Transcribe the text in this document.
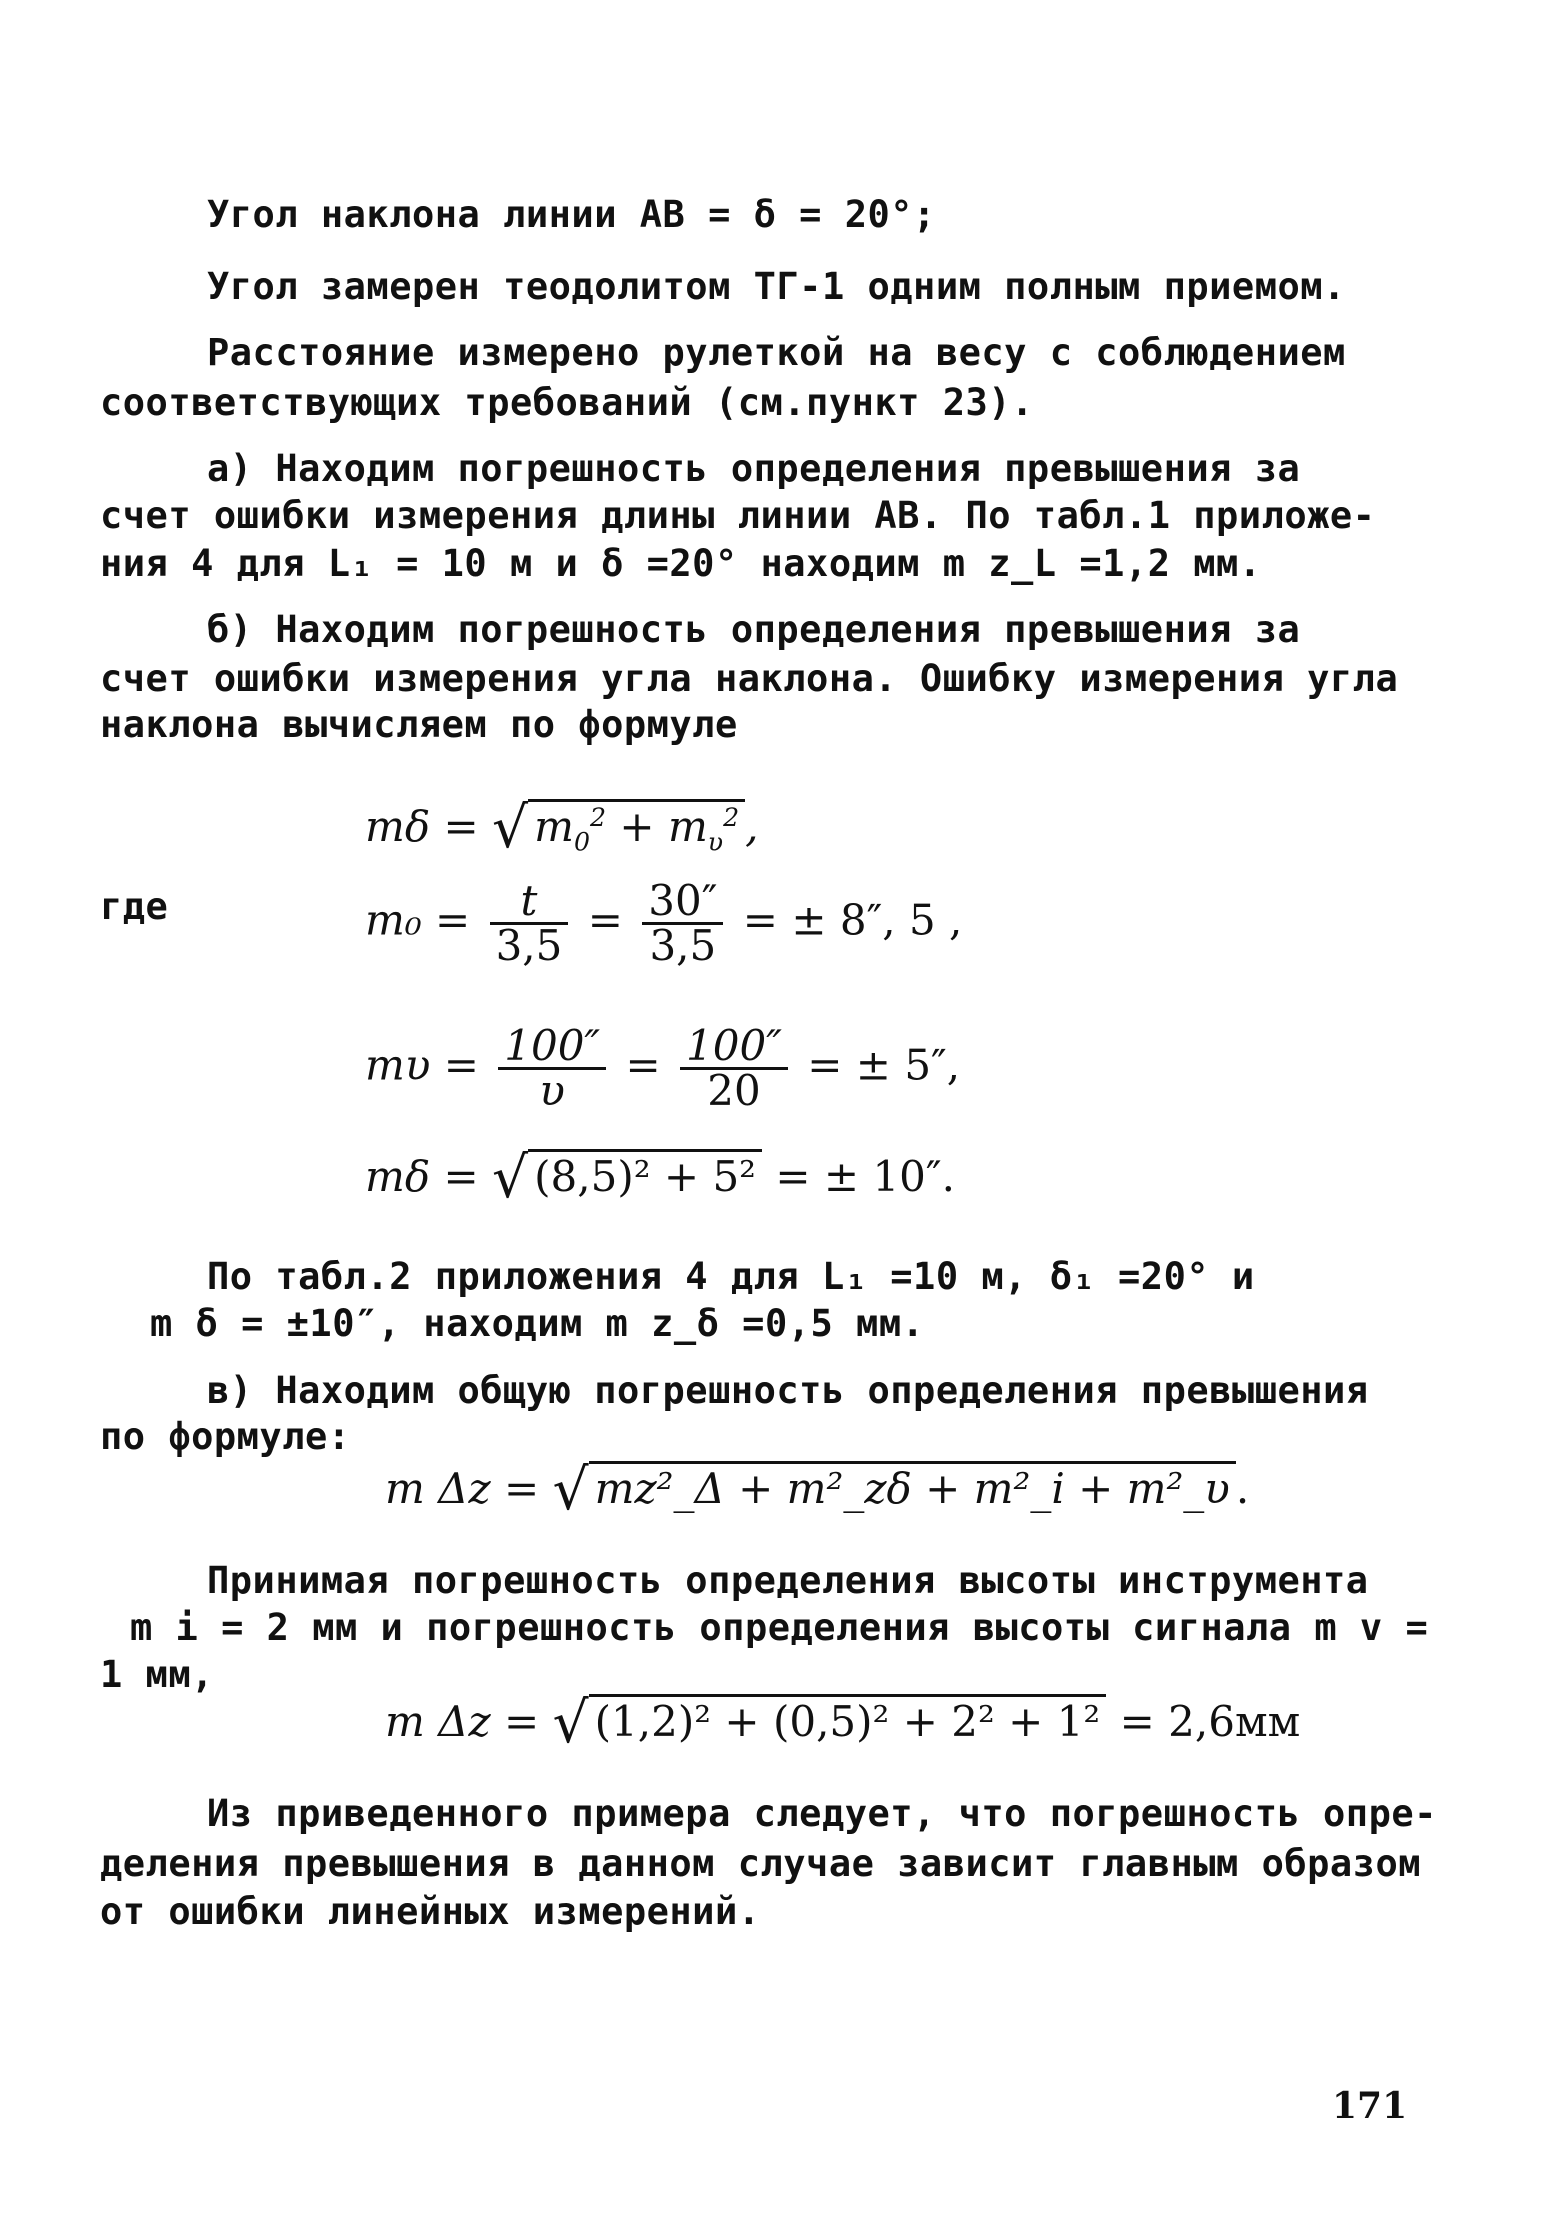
Угол наклона линии АВ = δ = 20°;
Угол замерен теодолитом ТГ-1 одним полным приемом.
Расстояние измерено рулеткой на весу с соблюдением
соответствующих требований (см.пункт 23).
а) Находим погрешность определения превышения за
счет ошибки измерения длины линии АВ. По табл.1 приложе-
ния 4 для L₁ = 10 м и δ =20° находим m z_L =1,2 мм.
б) Находим погрешность определения превышения за
счет ошибки измерения угла наклона. Ошибку измерения угла
наклона вычисляем по формуле
mδ = √ $m_0^2 + m_\upsilon^2$ ,
где	$m_0 = \frac{t}{3,5} = \frac{30''}{3,5}$ = ± 8″, 5 ,
$m\upsilon = \frac{100''}{\upsilon} = \frac{100''}{20}$ = ± 5″,
mδ = √ (8,5)² + 5² = ± 10″.
По табл.2 приложения 4 для L₁ =10 м, δ₁ =20° и
m δ = ±10″, находим m z_δ =0,5 мм.
в) Находим общую погрешность определения превышения
по формуле:
m Δz = √ mz²_Δ + m²_zδ + m²_i + m²_υ .
Принимая погрешность определения высоты инструмента
m i = 2 мм и погрешность определения высоты сигнала m v =
1 мм,
m Δz = √ (1,2)² + (0,5)² + 2² + 1² = 2,6мм
Из приведенного примера следует, что погрешность опре-
деления превышения в данном случае зависит главным образом
от ошибки линейных измерений.
171
